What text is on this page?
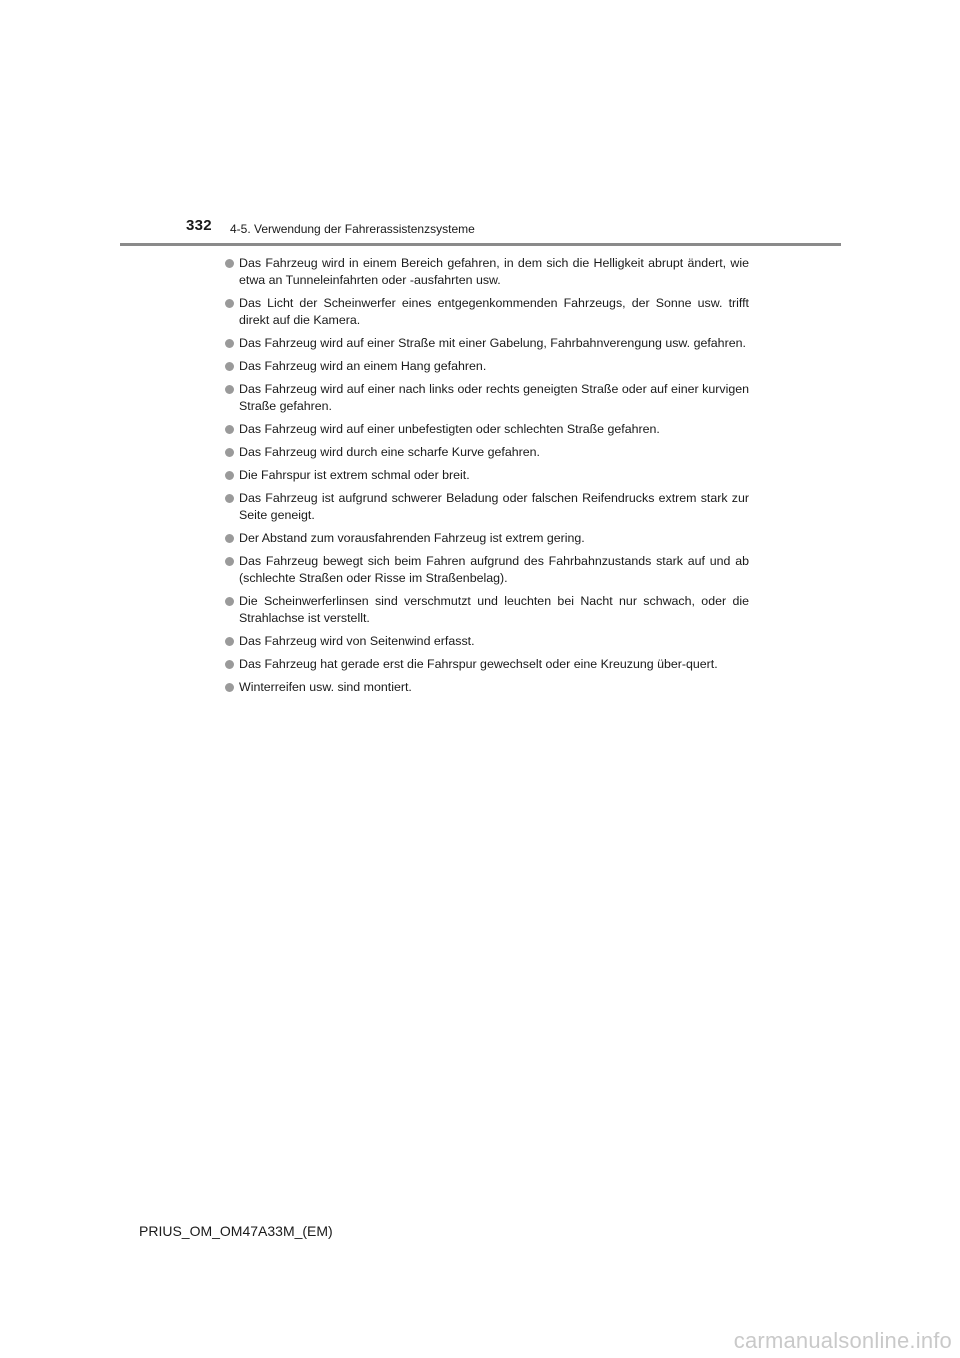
332 4-5. Verwendung der Fahrerassistenzsysteme
Das Fahrzeug wird in einem Bereich gefahren, in dem sich die Helligkeit abrupt ändert, wie etwa an Tunneleinfahrten oder -ausfahrten usw.
Das Licht der Scheinwerfer eines entgegenkommenden Fahrzeugs, der Sonne usw. trifft direkt auf die Kamera.
Das Fahrzeug wird auf einer Straße mit einer Gabelung, Fahrbahnverengung usw. gefahren.
Das Fahrzeug wird an einem Hang gefahren.
Das Fahrzeug wird auf einer nach links oder rechts geneigten Straße oder auf einer kurvigen Straße gefahren.
Das Fahrzeug wird auf einer unbefestigten oder schlechten Straße gefahren.
Das Fahrzeug wird durch eine scharfe Kurve gefahren.
Die Fahrspur ist extrem schmal oder breit.
Das Fahrzeug ist aufgrund schwerer Beladung oder falschen Reifendrucks extrem stark zur Seite geneigt.
Der Abstand zum vorausfahrenden Fahrzeug ist extrem gering.
Das Fahrzeug bewegt sich beim Fahren aufgrund des Fahrbahnzustands stark auf und ab (schlechte Straßen oder Risse im Straßenbelag).
Die Scheinwerferlinsen sind verschmutzt und leuchten bei Nacht nur schwach, oder die Strahlachse ist verstellt.
Das Fahrzeug wird von Seitenwind erfasst.
Das Fahrzeug hat gerade erst die Fahrspur gewechselt oder eine Kreuzung über-quert.
Winterreifen usw. sind montiert.
PRIUS_OM_OM47A33M_(EM)
carmanualsonline.info
